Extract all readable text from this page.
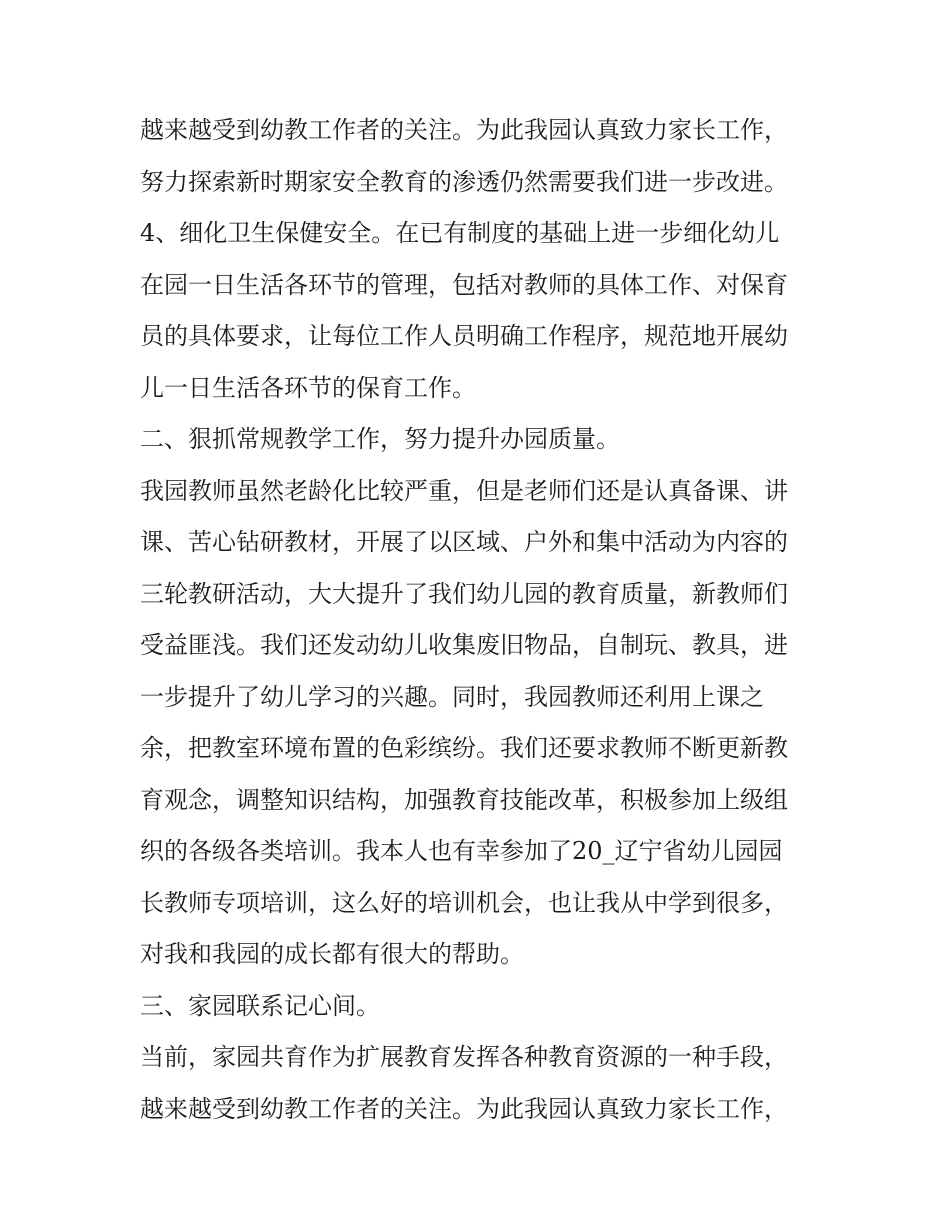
越来越受到幼教工作者的关注。为此我园认真致力家长工作，
努力探索新时期家安全教育的渗透仍然需要我们进一步改进。
4、细化卫生保健安全。在已有制度的基础上进一步细化幼儿
在园一日生活各环节的管理，包括对教师的具体工作、对保育
员的具体要求，让每位工作人员明确工作程序，规范地开展幼
儿一日生活各环节的保育工作。
二、狠抓常规教学工作，努力提升办园质量。
我园教师虽然老龄化比较严重，但是老师们还是认真备课、讲
课、苦心钻研教材，开展了以区域、户外和集中活动为内容的
三轮教研活动，大大提升了我们幼儿园的教育质量，新教师们
受益匪浅。我们还发动幼儿收集废旧物品，自制玩、教具，进
一步提升了幼儿学习的兴趣。同时，我园教师还利用上课之
余，把教室环境布置的色彩缤纷。我们还要求教师不断更新教
育观念，调整知识结构，加强教育技能改革，积极参加上级组
织的各级各类培训。我本人也有幸参加了20_辽宁省幼儿园园
长教师专项培训，这么好的培训机会，也让我从中学到很多，
对我和我园的成长都有很大的帮助。
三、家园联系记心间。
当前，家园共育作为扩展教育发挥各种教育资源的一种手段，
越来越受到幼教工作者的关注。为此我园认真致力家长工作，
